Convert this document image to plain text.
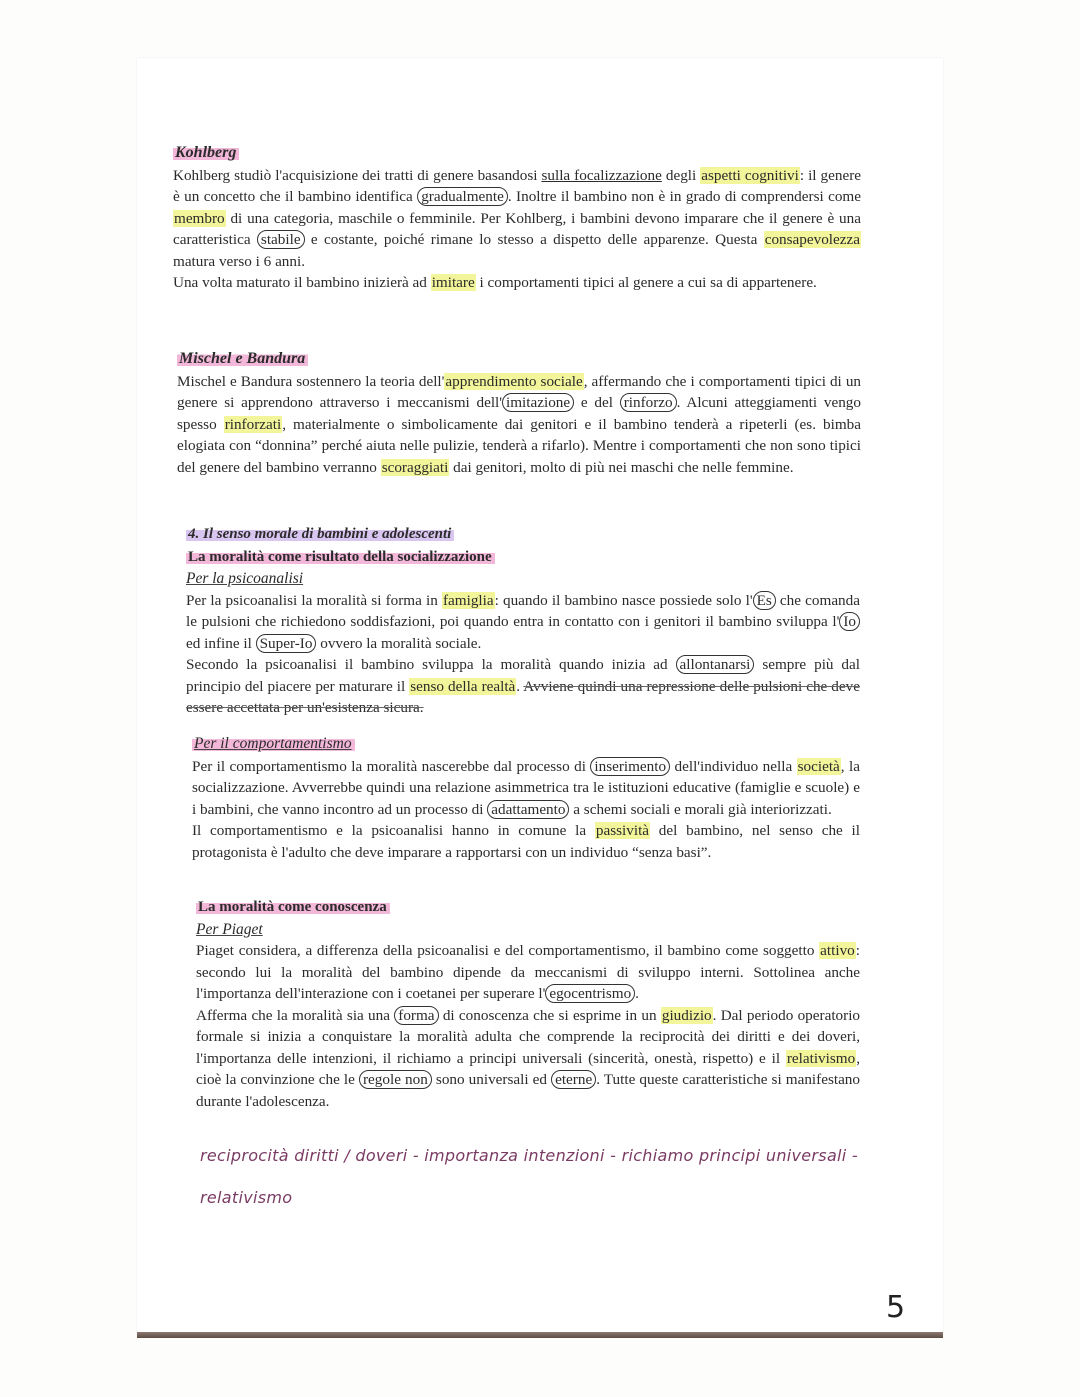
Kohlberg

Kohlberg studiò l'acquisizione dei tratti di genere basandosi sulla focalizzazione degli aspetti cognitivi: il genere è un concetto che il bambino identifica gradualmente . Inoltre il bambino non è in grado di comprendersi come membro di una categoria, maschile o femminile. Per Kohlberg, i bambini devono imparare che il genere è una caratteristica stabile e costante, poiché rimane lo stesso a dispetto delle apparenze. Questa consapevolezza matura verso i 6 anni.

Una volta maturato il bambino inizierà ad imitare i comportamenti tipici al genere a cui sa di appartenere.

Mischel e Bandura

Mischel e Bandura sostennero la teoria dell'apprendimento sociale, affermando che i comportamenti tipici di un genere si apprendono attraverso i meccanismi dell' imitazione e del rinforzo . Alcuni atteggiamenti vengo spesso rinforzati, materialmente o simbolicamente dai genitori e il bambino tenderà a ripeterli (es. bimba elogiata con “donnina” perché aiuta nelle pulizie, tenderà a rifarlo). Mentre i comportamenti che non sono tipici del genere del bambino verranno scoraggiati dai genitori, molto di più nei maschi che nelle femmine.

4. Il senso morale di bambini e adolescenti
La moralità come risultato della socializzazione
Per la psicoanalisi

Per la psicoanalisi la moralità si forma in famiglia: quando il bambino nasce possiede solo l' Es che comanda le pulsioni che richiedono soddisfazioni, poi quando entra in contatto con i genitori il bambino sviluppa l' Io ed infine il Super-Io ovvero la moralità sociale.

Secondo la psicoanalisi il bambino sviluppa la moralità quando inizia ad allontanarsi sempre più dal principio del piacere per maturare il senso della realtà. Avviene quindi una repressione delle pulsioni che deve essere accettata per un'esistenza sicura.

Per il comportamentismo

Per il comportamentismo la moralità nascerebbe dal processo di inserimento dell'individuo nella società, la socializzazione. Avverrebbe quindi una relazione asimmetrica tra le istituzioni educative (famiglie e scuole) e i bambini, che vanno incontro ad un processo di adattamento a schemi sociali e morali già interiorizzati.

Il comportamentismo e la psicoanalisi hanno in comune la passività del bambino, nel senso che il protagonista è l'adulto che deve imparare a rapportarsi con un individuo “senza basi”.

La moralità come conoscenza
Per Piaget

Piaget considera, a differenza della psicoanalisi e del comportamentismo, il bambino come soggetto attivo: secondo lui la moralità del bambino dipende da meccanismi di sviluppo interni. Sottolinea anche l'importanza dell'interazione con i coetanei per superare l' egocentrismo .

Afferma che la moralità sia una forma di conoscenza che si esprime in un giudizio. Dal periodo operatorio formale si inizia a conquistare la moralità adulta che comprende la reciprocità dei diritti e dei doveri, l'importanza delle intenzioni, il richiamo a principi universali (sincerità, onestà, rispetto) e il relativismo, cioè la convinzione che le regole non sono universali ed eterne . Tutte queste caratteristiche si manifestano durante l'adolescenza.

reciprocità diritti / doveri - importanza intenzioni - richiamo principi universali - relativismo
5
